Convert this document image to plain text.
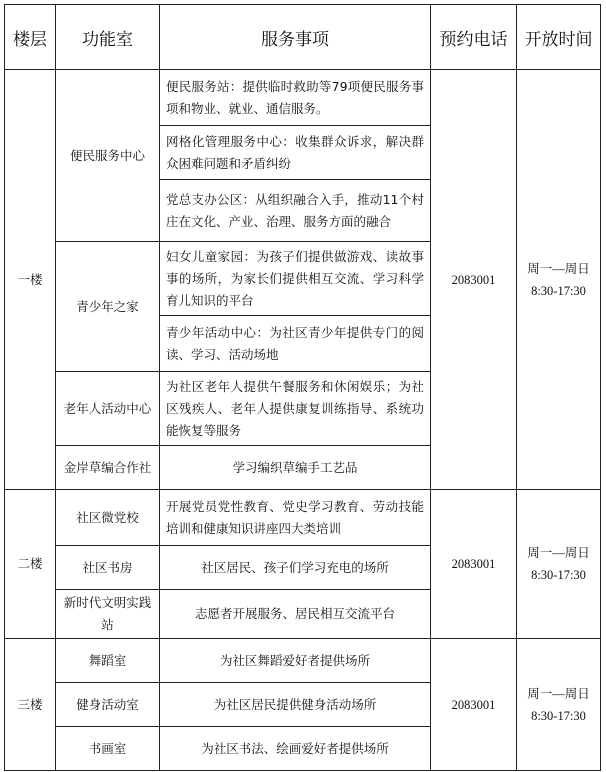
楼层	功能室	服务事项	预约电话	开放时间
一楼	便民服务中心	便民服务站：提供临时救助等79项便民服务事项和物业、就业、通信服务。	2083001	周一—周日 8:30-17:30
		网格化管理服务中心：收集群众诉求，解决群众困难问题和矛盾纠纷		
		党总支办公区：从组织融合入手，推动11个村庄在文化、产业、治理、服务方面的融合		
	青少年之家	妇女儿童家园：为孩子们提供做游戏、读故事事的场所，为家长们提供相互交流、学习科学育儿知识的平台		
		青少年活动中心：为社区青少年提供专门的阅读、学习、活动场地		
	老年人活动中心	为社区老年人提供午餐服务和休闲娱乐；为社区残疾人、老年人提供康复训练指导、系统功能恢复等服务		
	金岸草编合作社	学习编织草编手工艺品		
二楼	社区微党校	开展党员党性教育、党史学习教育、劳动技能培训和健康知识讲座四大类培训	2083001	周一—周日 8:30-17:30
	社区书房	社区居民、孩子们学习充电的场所		
	新时代文明实践站	志愿者开展服务、居民相互交流平台		
三楼	舞蹈室	为社区舞蹈爱好者提供场所	2083001	周一—周日 8:30-17:30
	健身活动室	为社区居民提供健身活动场所		
	书画室	为社区书法、绘画爱好者提供场所		
